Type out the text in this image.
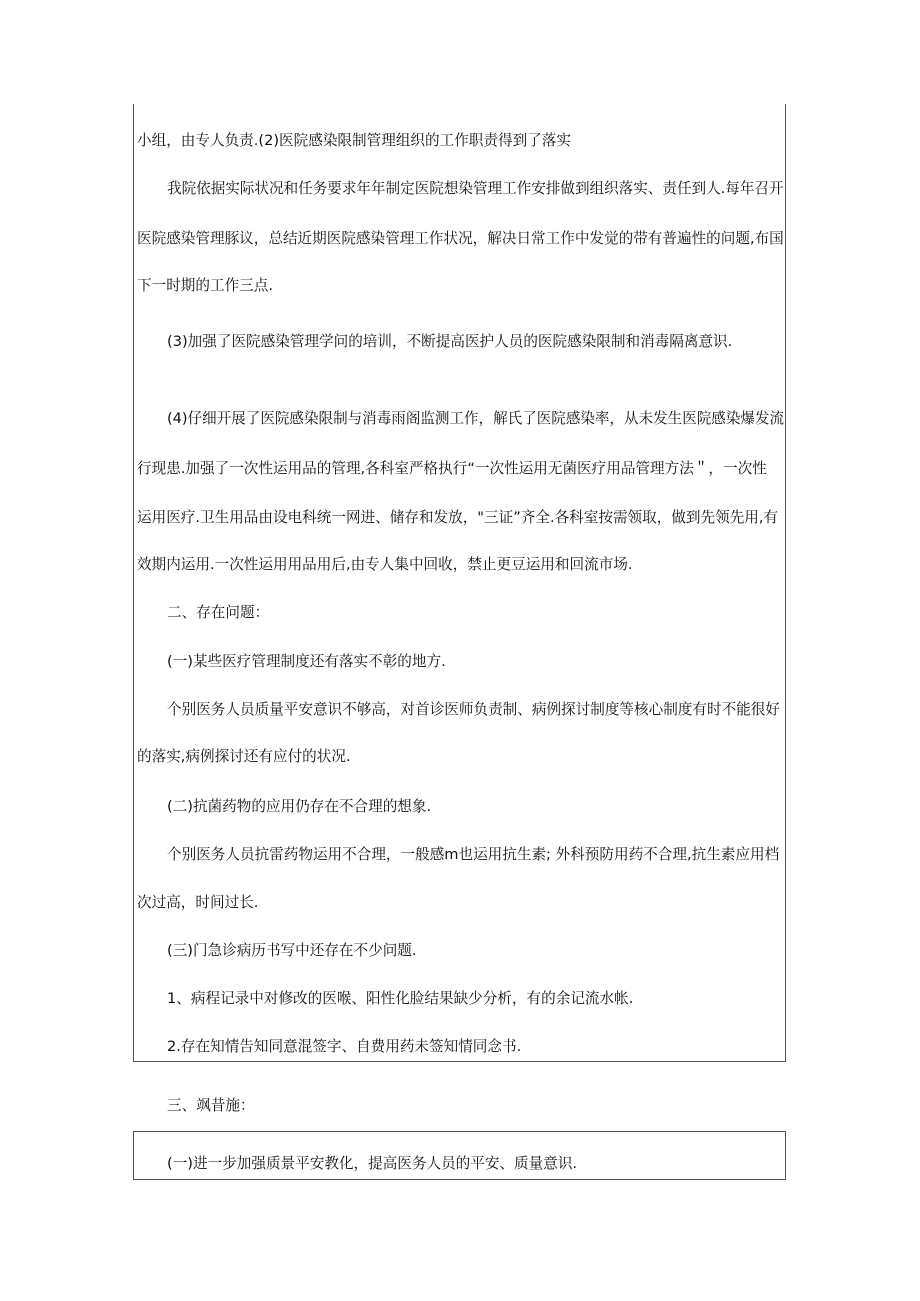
小组，由专人负责.(2)医院感染限制管理组织的工作职责得到了落实
我院依据实际状况和任务要求年年制定医院想染管理工作安排做到组织落实、责任到人.每年召开
医院感染管理豚议，总结近期医院感染管理工作状况，解决日常工作中发觉的带有普遍性的问题,布国
下一时期的工作三点.
(3)加强了医院感染管理学问的培训，不断提高医护人员的医院感染限制和消毒隔离意识.
(4)仔细开展了医院感染限制与消毒雨阁监测工作，解氏了医院感染率，从未发生医院感染爆发流
行现患.加强了一次性运用品的管理,各科室严格执行“一次性运用无菌医疗用品管理方法＂，一次性
运用医疗.卫生用品由设电科统一网进、储存和发放，"三证”齐全.各科室按需领取，做到先领先用,有
效期内运用.一次性运用用品用后,由专人集中回收，禁止更豆运用和回流市场.
二、存在问题：
(一)某些医疗管理制度还有落实不彰的地方.
个别医务人员质量平安意识不够高，对首诊医师负责制、病例探讨制度等核心制度有时不能很好
的落实,病例探讨还有应付的状况.
(二)抗菌药物的应用仍存在不合理的想象.
个别医务人员抗雷药物运用不合理，一般感m也运用抗生素; 外科预防用药不合理,抗生素应用档
次过高，时间过长.
(三)门急诊病历书写中还存在不少问题.
1、病程记录中对修改的医喉、阳性化脸结果缺少分析，有的余记流水帐.
2.存在知情告知同意混签字、自费用药未签知情同念书.
三、飒昔施：
(一)进一步加强质景平安教化，提高医务人员的平安、质量意识.
